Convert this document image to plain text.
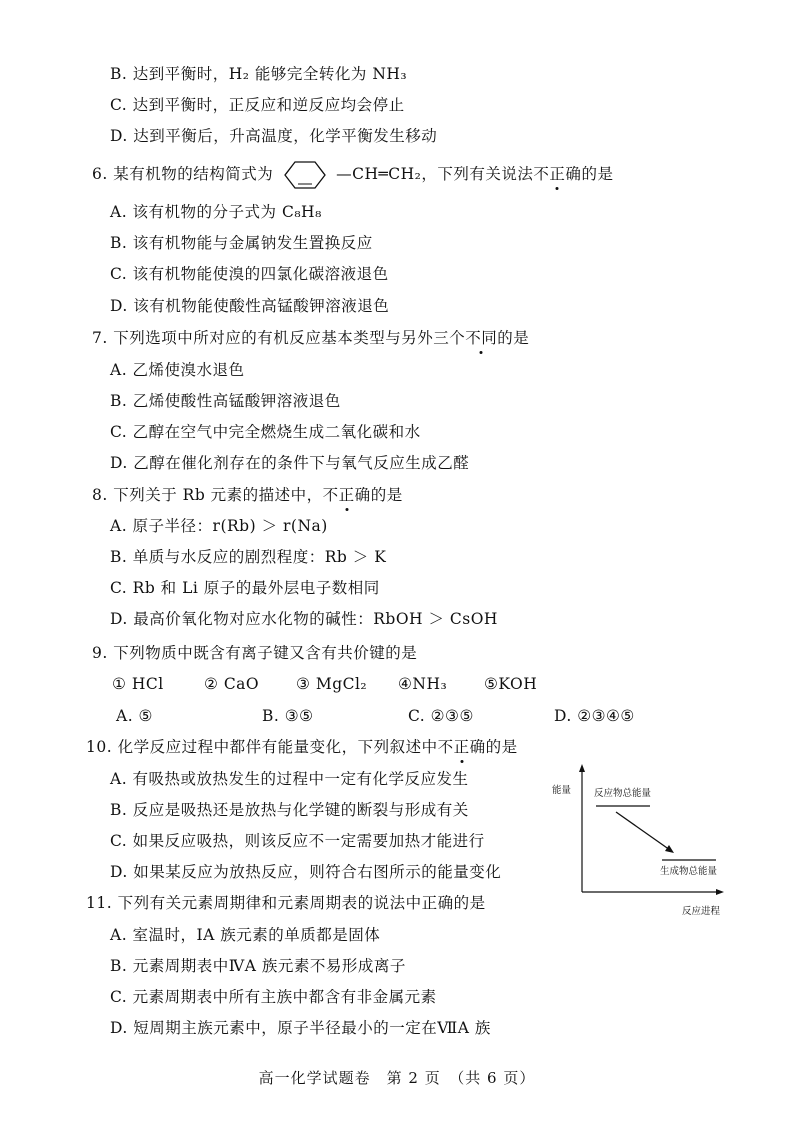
B. 达到平衡时，H₂ 能够完全转化为 NH₃
C. 达到平衡时，正反应和逆反应均会停止
D. 达到平衡后，升高温度，化学平衡发生移动
6. 某有机物的结构简式为	—CH═CH₂，下列有关说法不正确的是
A. 该有机物的分子式为 C₈H₈
B. 该有机物能与金属钠发生置换反应
C. 该有机物能使溴的四氯化碳溶液退色
D. 该有机物能使酸性高锰酸钾溶液退色
7. 下列选项中所对应的有机反应基本类型与另外三个不同的是
A. 乙烯使溴水退色
B. 乙烯使酸性高锰酸钾溶液退色
C. 乙醇在空气中完全燃烧生成二氧化碳和水
D. 乙醇在催化剂存在的条件下与氧气反应生成乙醛
8. 下列关于 Rb 元素的描述中，不正确的是
A. 原子半径：r(Rb) ＞ r(Na)
B. 单质与水反应的剧烈程度：Rb ＞ K
C. Rb 和 Li 原子的最外层电子数相同
D. 最高价氧化物对应水化物的碱性：RbOH ＞ CsOH
9. 下列物质中既含有离子键又含有共价键的是
① HCl	② CaO ③ MgCl₂ ④NH₃ ⑤KOH
A. ⑤	B. ③⑤	C. ②③⑤	D. ②③④⑤
10. 化学反应过程中都伴有能量变化，下列叙述中不正确的是
A. 有吸热或放热发生的过程中一定有化学反应发生
B. 反应是吸热还是放热与化学键的断裂与形成有关
C. 如果反应吸热，则该反应不一定需要加热才能进行
D. 如果某反应为放热反应，则符合右图所示的能量变化
能量 反应物总能量
生成物总能量
反应进程
11. 下列有关元素周期律和元素周期表的说法中正确的是
A. 室温时，IA 族元素的单质都是固体
B. 元素周期表中ⅣA 族元素不易形成离子
C. 元素周期表中所有主族中都含有非金属元素
D. 短周期主族元素中，原子半径最小的一定在ⅦA 族
高一化学试题卷　第 2 页　（共 6 页）
